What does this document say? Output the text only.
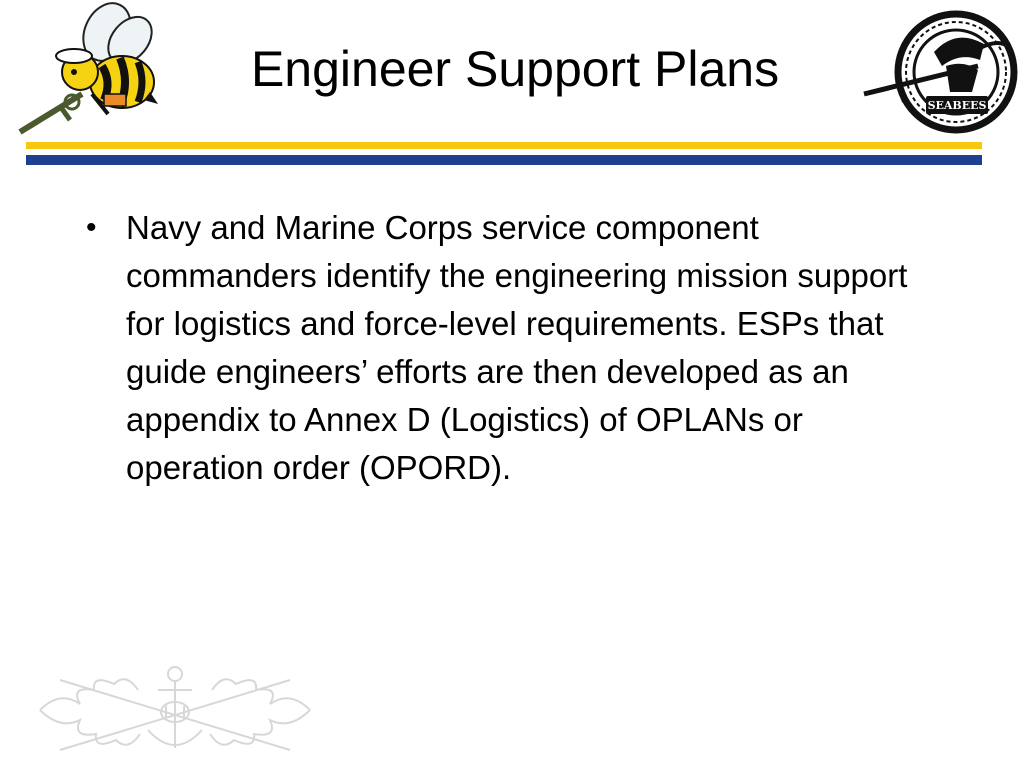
Engineer Support Plans
SEABEES
• Navy and Marine Corps service component commanders identify the engineering mission support for logistics and force-level requirements. ESPs that guide engineers’ efforts are then developed as an appendix to Annex D (Logistics) of OPLANs or operation order (OPORD).
